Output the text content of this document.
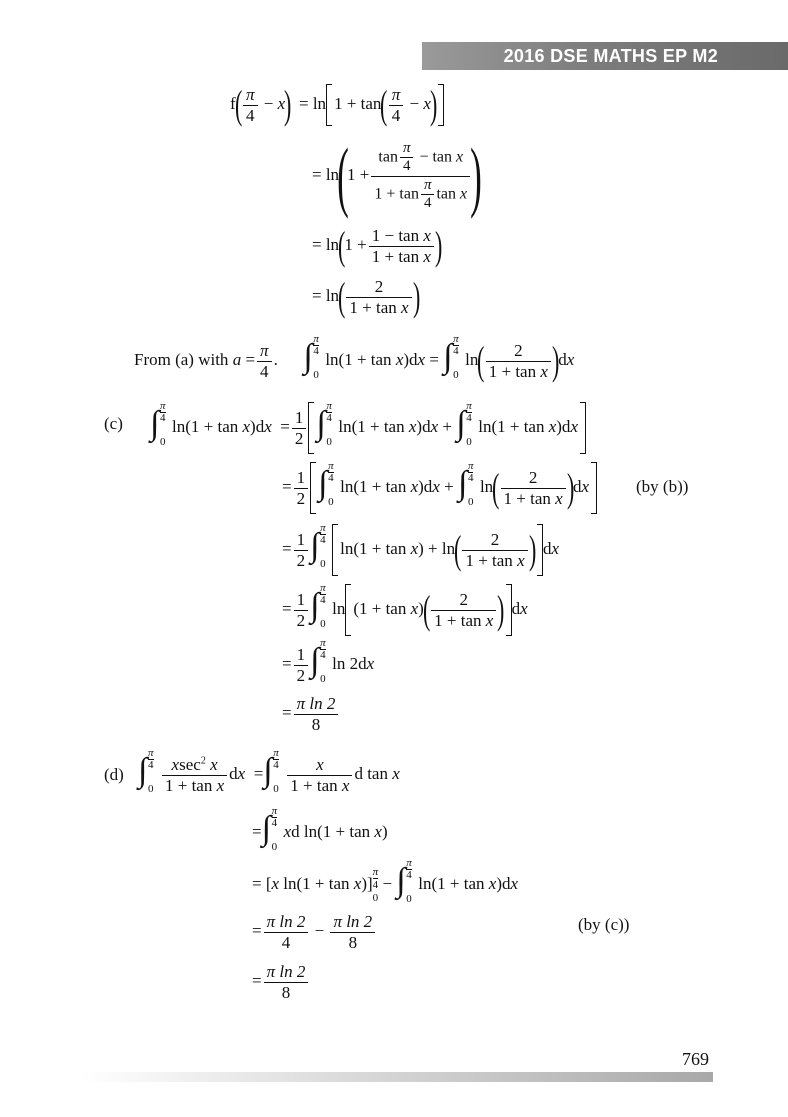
2016 DSE MATHS EP M2
$f( \frac{\pi}{4} - x) = \ln 1 + \tan( \frac{\pi}{4} - x)$
= $\ln(1 + \frac{\tan \frac{\pi}{4} - \tan x}{1 + \tan \frac{\pi}{4} \tan x}$ )
= $\ln(1 + \frac{\text{1 − tan x}}{\text{1 + tan x}}$ )
= $\ln( \frac{2}{\text{1 + tan x}}$ )
From (a) with $a = \frac{\pi}{4}$ . ∫ π
4
0
ln(1 + tan x)dx = ∫ π
4
0
$\ln( \frac{2}{\text{1 + tan x}} )dx$
(c) ∫ π
4
0
$\ln(1 + \tan x)dx = \frac{1}{2}$ ∫ π
4
0
ln(1 + tan x)dx + ∫ π
4
0
ln(1 + tan x)dx
= $\frac{1}{2}$ ∫ π
4
0
ln(1 + tan x)dx + ∫ π
4
0
$\ln( \frac{2}{\text{1 + tan x}} )dx$	(by (b))
= $\frac{1}{2}$ ∫ π
4
0
$\ln(1 + \tan x) + \ln( \frac{2}{\text{1 + tan x}}$ ) dx
= $\frac{1}{2}$ ∫ π
4
0
$\ln (1 + \tan x)( \frac{2}{\text{1 + tan x}}$ ) dx
= $\frac{1}{2}$ ∫ π
4
0
ln 2dx
= $\frac{\text{π ln 2}}{8}$
(d) ∫ π
4
$0 \frac{xsec^2 x}{\text{1 + tan x}}$ dx  = ∫ π
4
$0 \frac{x}{\text{1 + tan x}}$ d tan x
= ∫ π
4
0
xd ln(1 + tan x)
= [x ln(1 + tan x)]
π
4
0 − ∫ π
4
0
ln(1 + tan x)dx
= $\frac{\text{π ln 2}}{4} - \frac{\text{π ln 2}}{8}$	(by (c))
= $\frac{\text{π ln 2}}{8}$
769
